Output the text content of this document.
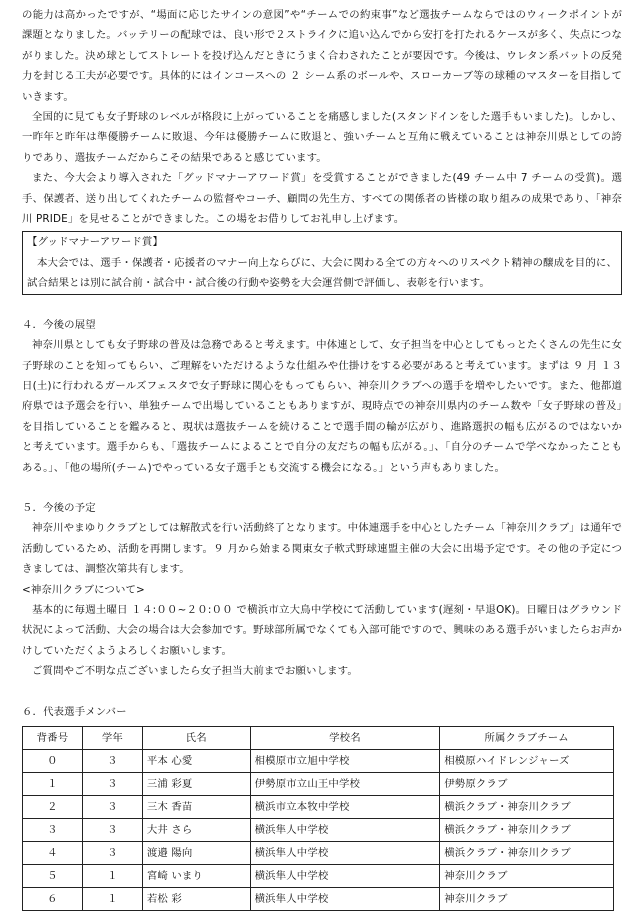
の能力は高かったですが、“場面に応じたサインの意図”や“チームでの約束事”など選抜チームならではのウィークポイントが課題となりました。バッテリーの配球では、良い形で２ストライクに追い込んでから安打を打たれるケースが多く、失点につながりました。決め球としてストレートを投げ込んだときにうまく合わされたことが要因です。今後は、ウレタン系バットの反発力を封じる工夫が必要です。具体的にはインコースへの ２ シーム系のボールや、スローカーブ等の球種のマスターを目指していきます。

全国的に見ても女子野球のレベルが格段に上がっていることを痛感しました(スタンドインをした選手もいました)。しかし、一昨年と昨年は準優勝チームに敗退、今年は優勝チームに敗退と、強いチームと互角に戦えていることは神奈川県としての誇りであり、選抜チームだからこその結果であると感じています。

また、今大会より導入された「グッドマナーアワード賞」を受賞することができました(49 チーム中 7 チームの受賞)。選手、保護者、送り出してくれたチームの監督やコーチ、顧問の先生方、すべての関係者の皆様の取り組みの成果であり、「神奈川 PRIDE」を見せることができました。この場をお借りしてお礼申し上げます。

【グッドマナーアワード賞】
本大会では、選手・保護者・応援者のマナー向上ならびに、大会に関わる全ての方々へのリスペクト精神の醸成を目的に、試合結果とは別に試合前・試合中・試合後の行動や姿勢を大会運営側で評価し、表彰を行います。
４．今後の展望

神奈川県としても女子野球の普及は急務であると考えます。中体連として、女子担当を中心としてもっとたくさんの先生に女子野球のことを知ってもらい、ご理解をいただけるような仕組みや仕掛けをする必要があると考えています。まずは ９ 月 １３ 日(土)に行われるガールズフェスタで女子野球に関心をもってもらい、神奈川クラブへの選手を増やしたいです。また、他都道府県では予選会を行い、単独チームで出場していることもありますが、現時点での神奈川県内のチーム数や「女子野球の普及」を目指していることを鑑みると、現状は選抜チームを続けることで選手間の輪が広がり、進路選択の幅も広がるのではないかと考えています。選手からも、「選抜チームによることで自分の友だちの幅も広がる。」、「自分のチームで学べなかったこともある。」、「他の場所(チーム)でやっている女子選手とも交流する機会になる。」という声もありました。

５．今後の予定

神奈川やまゆりクラブとしては解散式を行い活動終了となります。中体連選手を中心としたチーム「神奈川クラブ」は通年で活動しているため、活動を再開します。９ 月から始まる関東女子軟式野球連盟主催の大会に出場予定です。その他の予定につきましては、調整次第共有します。

<神奈川クラブについて>

基本的に毎週土曜日 １４:００~２０:００ で横浜市立大鳥中学校にて活動しています(遅刻・早退OK)。日曜日はグラウンド状況によって活動、大会の場合は大会参加です。野球部所属でなくても入部可能ですので、興味のある選手がいましたらお声かけしていただくようよろしくお願いします。

ご質問やご不明な点ございましたら女子担当大前までお願いします。

６．代表選手メンバー
背番号	学年	氏名	学校名	所属クラブチーム
０	３	平本 心愛	相模原市立旭中学校	相模原ハイドレンジャーズ
１	３	三浦 彩夏	伊勢原市立山王中学校	伊勢原クラブ
２	３	三木 香苗	横浜市立本牧中学校	横浜クラブ・神奈川クラブ
３	３	大井 さら	横浜隼人中学校	横浜クラブ・神奈川クラブ
４	３	渡邉 陽向	横浜隼人中学校	横浜クラブ・神奈川クラブ
５	１	宮崎 いまり	横浜隼人中学校	神奈川クラブ
６	１	若松 彩	横浜隼人中学校	神奈川クラブ
